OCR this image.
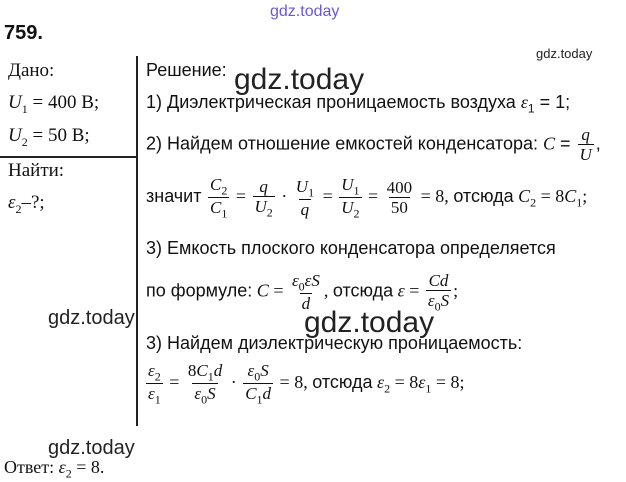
gdz.today
gdz.today
gdz.today
gdz.today	gdz.today
gdz.today
759.
Дано:
$U_1 = 400$ В;
$U_2 = 50$ В;
Найти:
$\varepsilon_2-$?;
Решение:
1) Диэлектрическая проницаемость воздуха $\varepsilon_1 = 1$;
2) Найдем отношение емкостей конденсатора: $C = \frac{q}{U}$ ,
значит $\frac{C_2}{C_1} = \frac{q}{U_2} \cdot \frac{U_1}{q} = \frac{U_1}{U_2} = \frac{400}{50} = 8$, отсюда $C_2 = 8C_1$;
3) Емкость плоского конденсатора определяется
по формуле: $C = \frac{\varepsilon_0\varepsilon S}{d}$ , отсюда $\varepsilon = \frac{Cd}{\varepsilon_0S}$ ;
3) Найдем диэлектрическую проницаемость:
$\frac{\varepsilon_2}{\varepsilon_1} = \frac{8C_1d}{\varepsilon_0S} \cdot \frac{\varepsilon_0S}{C_1d} = 8$, отсюда $\varepsilon_2 = 8\varepsilon_1 = 8$;
Ответ: $\varepsilon_2 = 8$.
